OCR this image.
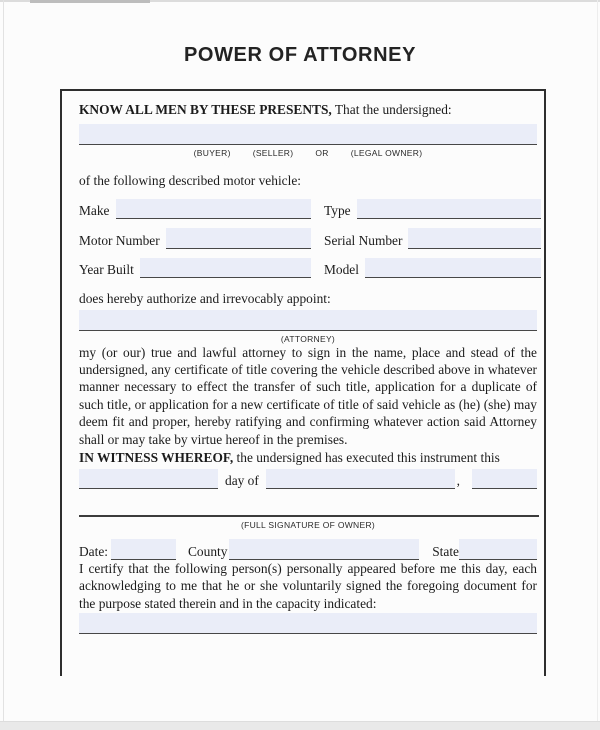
POWER OF ATTORNEY

KNOW ALL MEN BY THESE PRESENTS, That the undersigned:

(BUYER)	(SELLER)	OR	(LEGAL OWNER)

of the following described motor vehicle:

Make	Type
Motor Number	Serial Number
Year Built	Model

does hereby authorize and irrevocably appoint:

(ATTORNEY)

my (or our) true and lawful attorney to sign in the name, place and stead of the undersigned, any certificate of title covering the vehicle described above in whatever manner necessary to effect the transfer of such title, application for a duplicate of such title, or application for a new certificate of title of said vehicle as (he) (she) may deem fit and proper, hereby ratifying and confirming whatever action said Attorney shall or may take by virtue hereof in the premises.

IN WITNESS WHEREOF, the undersigned has executed this instrument this

day of	,
(FULL SIGNATURE OF OWNER)
Date:	County	State

I certify that the following person(s) personally appeared before me this day, each acknowledging to me that he or she voluntarily signed the foregoing document for the purpose stated therein and in the capacity indicated:
